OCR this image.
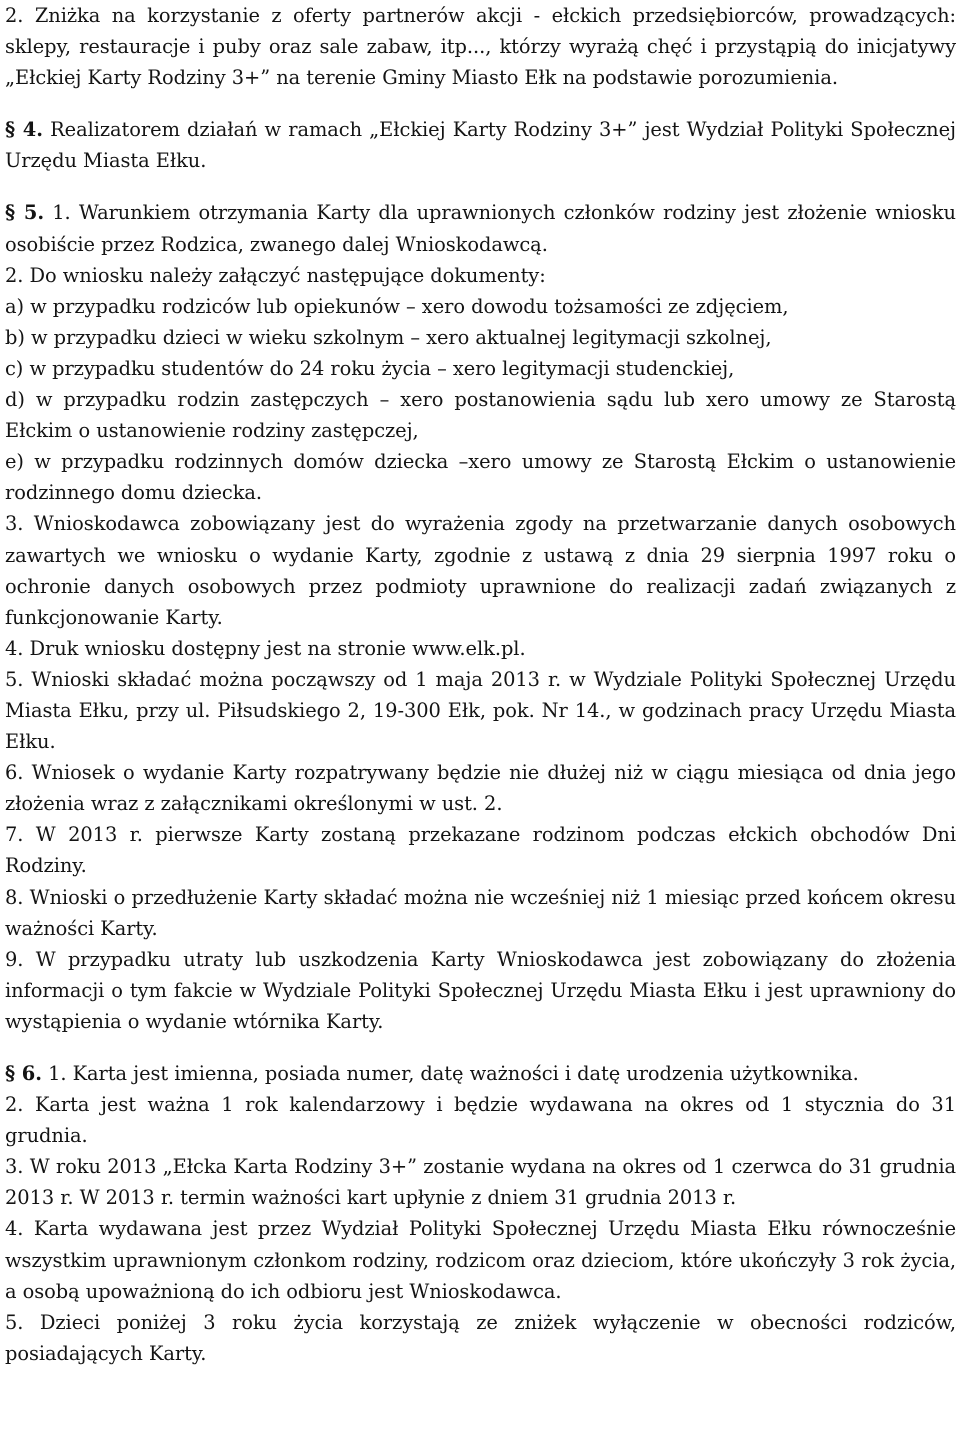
2. Zniżka na korzystanie z oferty partnerów akcji - ełckich przedsiębiorców, prowadzących: sklepy, restauracje i puby oraz sale zabaw, itp..., którzy wyrażą chęć i przystąpią do inicjatywy „Ełckiej Karty Rodziny 3+” na terenie Gminy Miasto Ełk na podstawie porozumienia.

§ 4. Realizatorem działań w ramach „Ełckiej Karty Rodziny 3+” jest Wydział Polityki Społecznej Urzędu Miasta Ełku.

§ 5. 1. Warunkiem otrzymania Karty dla uprawnionych członków rodziny jest złożenie wniosku osobiście przez Rodzica, zwanego dalej Wnioskodawcą.

2. Do wniosku należy załączyć następujące dokumenty:

a) w przypadku rodziców lub opiekunów – xero dowodu tożsamości ze zdjęciem,

b) w przypadku dzieci w wieku szkolnym – xero aktualnej legitymacji szkolnej,

c) w przypadku studentów do 24 roku życia – xero legitymacji studenckiej,

d) w przypadku rodzin zastępczych – xero postanowienia sądu lub xero umowy ze Starostą Ełckim o ustanowienie rodziny zastępczej,

e) w przypadku rodzinnych domów dziecka –xero umowy ze Starostą Ełckim o ustanowienie rodzinnego domu dziecka.

3. Wnioskodawca zobowiązany jest do wyrażenia zgody na przetwarzanie danych osobowych zawartych we wniosku o wydanie Karty, zgodnie z ustawą z dnia 29 sierpnia 1997 roku o ochronie danych osobowych przez podmioty uprawnione do realizacji zadań związanych z funkcjonowanie Karty.

4. Druk wniosku dostępny jest na stronie www.elk.pl.

5. Wnioski składać można począwszy od 1 maja 2013 r. w Wydziale Polityki Społecznej Urzędu Miasta Ełku, przy ul. Piłsudskiego 2, 19-300 Ełk, pok. Nr 14., w godzinach pracy Urzędu Miasta Ełku.

6. Wniosek o wydanie Karty rozpatrywany będzie nie dłużej niż w ciągu miesiąca od dnia jego złożenia wraz z załącznikami określonymi w ust. 2.

7. W 2013 r. pierwsze Karty zostaną przekazane rodzinom podczas ełckich obchodów Dni Rodziny.

8. Wnioski o przedłużenie Karty składać można nie wcześniej niż 1 miesiąc przed końcem okresu ważności Karty.

9. W przypadku utraty lub uszkodzenia Karty Wnioskodawca jest zobowiązany do złożenia informacji o tym fakcie w Wydziale Polityki Społecznej Urzędu Miasta Ełku i jest uprawniony do wystąpienia o wydanie wtórnika Karty.

§ 6. 1. Karta jest imienna, posiada numer, datę ważności i datę urodzenia użytkownika.

2. Karta jest ważna 1 rok kalendarzowy i będzie wydawana na okres od 1 stycznia do 31 grudnia.

3. W roku 2013 „Ełcka Karta Rodziny 3+” zostanie wydana na okres od 1 czerwca do 31 grudnia 2013 r. W 2013 r. termin ważności kart upłynie z dniem 31 grudnia 2013 r.

4. Karta wydawana jest przez Wydział Polityki Społecznej Urzędu Miasta Ełku równocześnie wszystkim uprawnionym członkom rodziny, rodzicom oraz dzieciom, które ukończyły 3 rok życia, a osobą upoważnioną do ich odbioru jest Wnioskodawca.

5. Dzieci poniżej 3 roku życia korzystają ze zniżek wyłączenie w obecności rodziców, posiadających Karty.
